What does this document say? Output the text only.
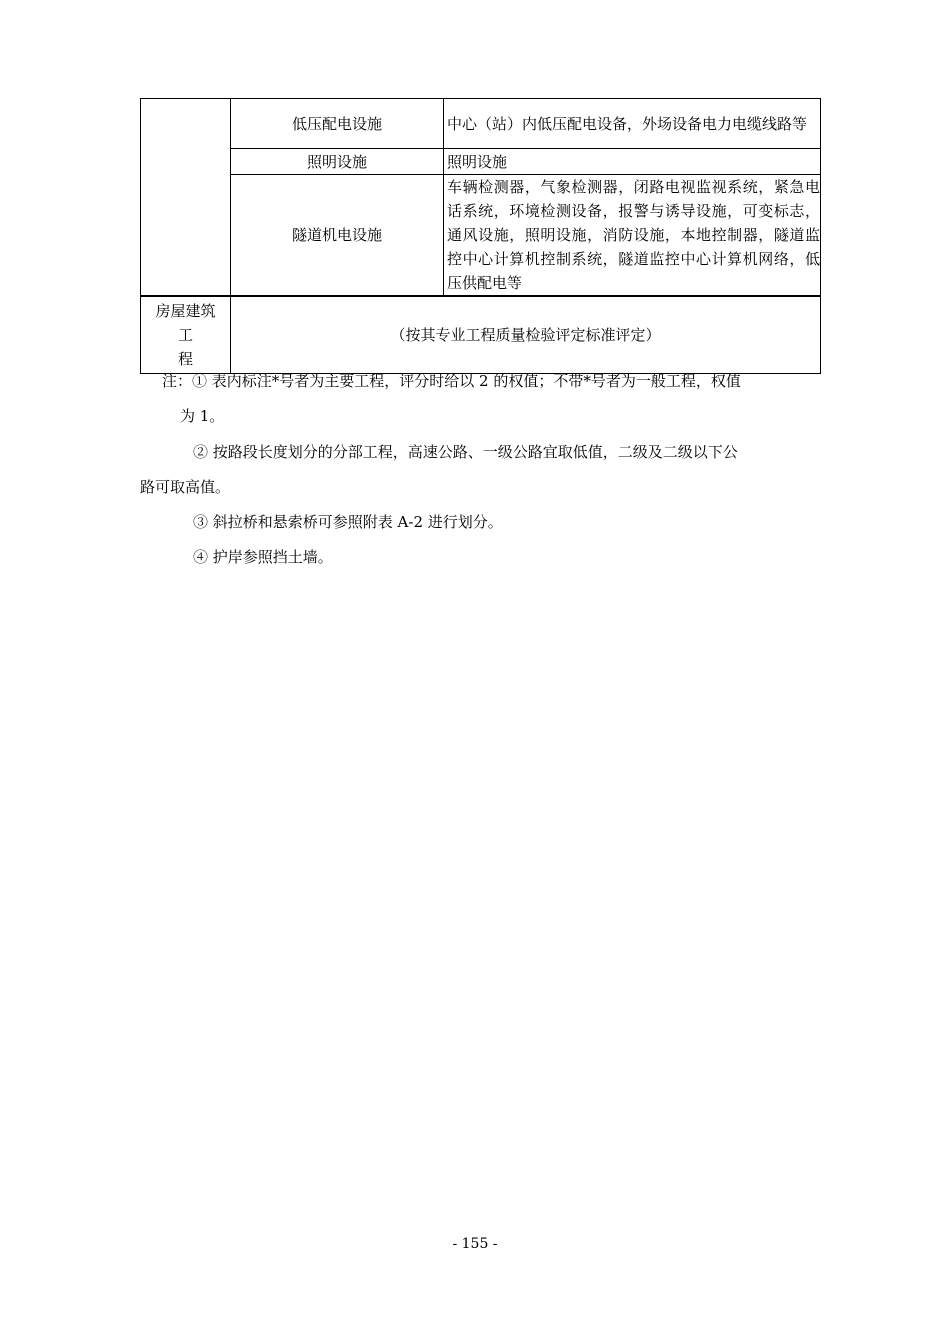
	低压配电设施	中心（站）内低压配电设备，外场设备电力电缆线路等
	照明设施	照明设施
	隧道机电设施	车辆检测器，气象检测器，闭路电视监视系统，紧急电话系统，环境检测设备，报警与诱导设施，可变标志，通风设施，照明设施，消防设施，本地控制器，隧道监控中心计算机控制系统，隧道监控中心计算机网络，低压供配电等

房屋建筑
工程	（按其专业工程质量检验评定标准评定）	
注：① 表内标注*号者为主要工程，评分时给以 2 的权值；不带*号者为一般工程，权值
为 1。
② 按路段长度划分的分部工程，高速公路、一级公路宜取低值，二级及二级以下公
路可取高值。
③ 斜拉桥和悬索桥可参照附表 A-2 进行划分。
④ 护岸参照挡土墙。
- 155 -
